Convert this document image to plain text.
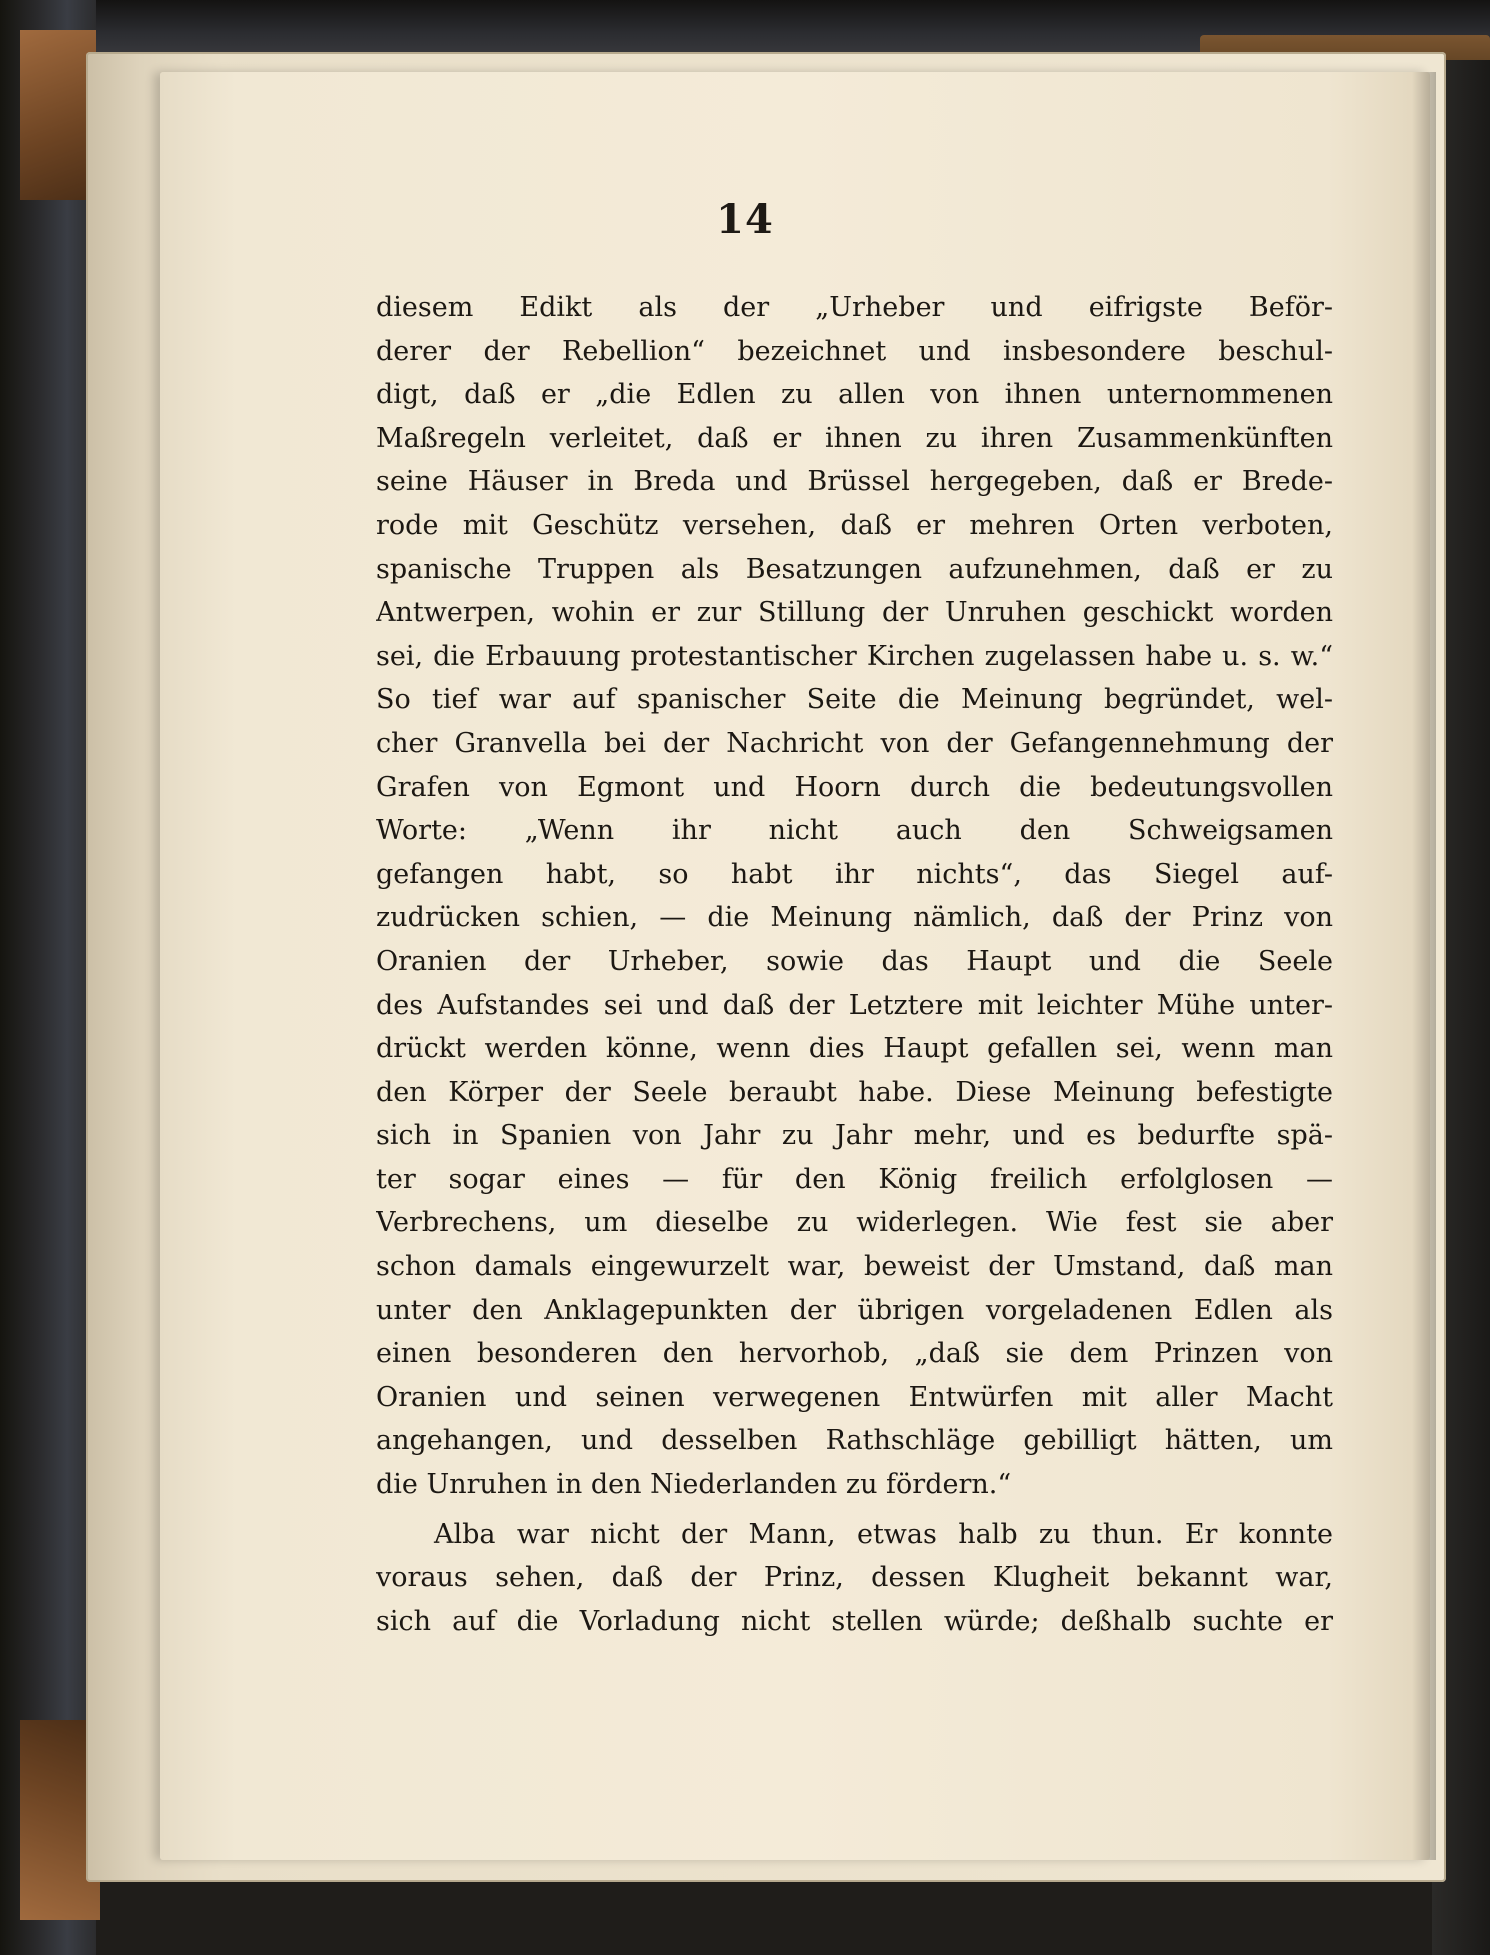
14
diesem Edikt als der „Urheber und eifrigste Beför-
derer der Rebellion“ bezeichnet und insbesondere beschul-
digt, daß er „die Edlen zu allen von ihnen unternommenen
Maßregeln verleitet, daß er ihnen zu ihren Zusammenkünften
seine Häuser in Breda und Brüssel hergegeben, daß er Brede-
rode mit Geschütz versehen, daß er mehren Orten verboten,
spanische Truppen als Besatzungen aufzunehmen, daß er zu
Antwerpen, wohin er zur Stillung der Unruhen geschickt worden
sei, die Erbauung protestantischer Kirchen zugelassen habe u. s. w.“
So tief war auf spanischer Seite die Meinung begründet, wel-
cher Granvella bei der Nachricht von der Gefangennehmung der
Grafen von Egmont und Hoorn durch die bedeutungsvollen
Worte: „Wenn ihr nicht auch den Schweigsamen
gefangen habt, so habt ihr nichts“, das Siegel auf-
zudrücken schien, — die Meinung nämlich, daß der Prinz von
Oranien der Urheber, sowie das Haupt und die Seele
des Aufstandes sei und daß der Letztere mit leichter Mühe unter-
drückt werden könne, wenn dies Haupt gefallen sei, wenn man
den Körper der Seele beraubt habe. Diese Meinung befestigte
sich in Spanien von Jahr zu Jahr mehr, und es bedurfte spä-
ter sogar eines — für den König freilich erfolglosen —
Verbrechens, um dieselbe zu widerlegen. Wie fest sie aber
schon damals eingewurzelt war, beweist der Umstand, daß man
unter den Anklagepunkten der übrigen vorgeladenen Edlen als
einen besonderen den hervorhob, „daß sie dem Prinzen von
Oranien und seinen verwegenen Entwürfen mit aller Macht
angehangen, und desselben Rathschläge gebilligt hätten, um
die Unruhen in den Niederlanden zu fördern.“
Alba war nicht der Mann, etwas halb zu thun. Er konnte
voraus sehen, daß der Prinz, dessen Klugheit bekannt war,
sich auf die Vorladung nicht stellen würde; deßhalb suchte er
